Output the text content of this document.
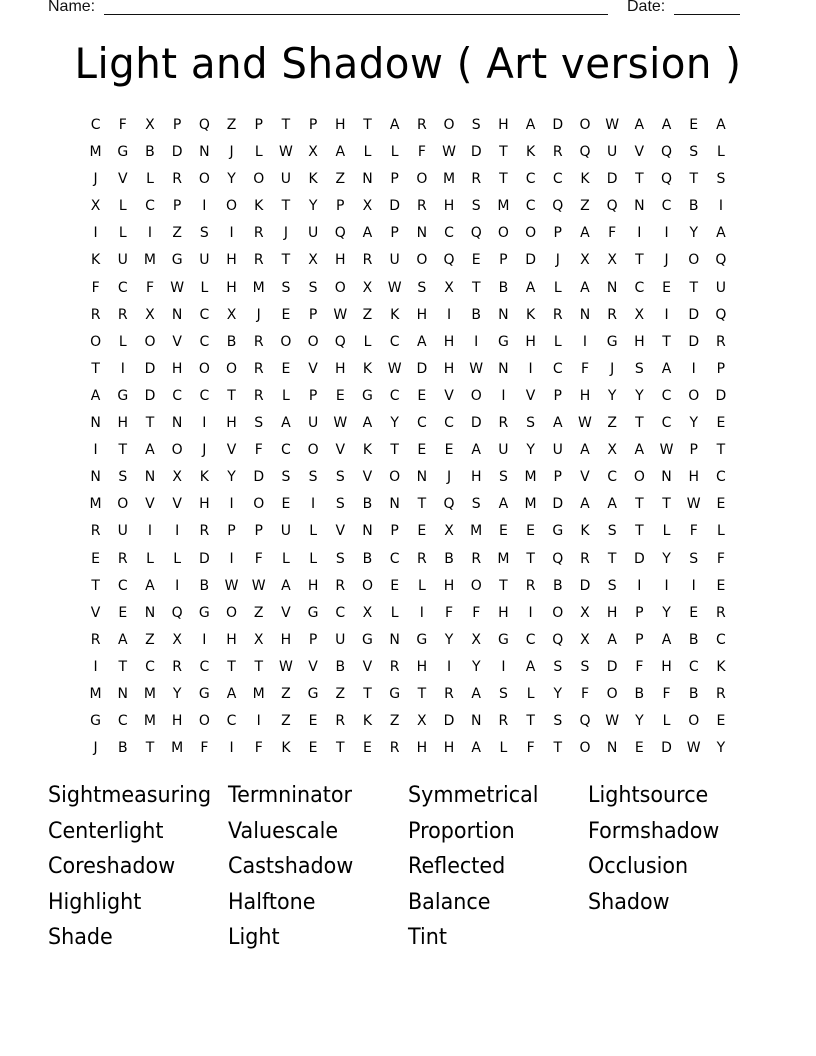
Name:	Date:
Light and Shadow ( Art version )
C	F	X	P	Q	Z	P	T	P	H	T	A	R	O	S	H	A	D	O	W	A	A	E	A
M	G	B	D	N	J	L	W	X	A	L	L	F	W	D	T	K	R	Q	U	V	Q	S	L
J	V	L	R	O	Y	O	U	K	Z	N	P	O	M	R	T	C	C	K	D	T	Q	T	S
X	L	C	P	I	O	K	T	Y	P	X	D	R	H	S	M	C	Q	Z	Q	N	C	B	I
I	L	I	Z	S	I	R	J	U	Q	A	P	N	C	Q	O	O	P	A	F	I	I	Y	A
K	U	M	G	U	H	R	T	X	H	R	U	O	Q	E	P	D	J	X	X	T	J	O	Q
F	C	F	W	L	H	M	S	S	O	X	W	S	X	T	B	A	L	A	N	C	E	T	U
R	R	X	N	C	X	J	E	P	W	Z	K	H	I	B	N	K	R	N	R	X	I	D	Q
O	L	O	V	C	B	R	O	O	Q	L	C	A	H	I	G	H	L	I	G	H	T	D	R
T	I	D	H	O	O	R	E	V	H	K	W	D	H	W	N	I	C	F	J	S	A	I	P
A	G	D	C	C	T	R	L	P	E	G	C	E	V	O	I	V	P	H	Y	Y	C	O	D
N	H	T	N	I	H	S	A	U	W	A	Y	C	C	D	R	S	A	W	Z	T	C	Y	E
I	T	A	O	J	V	F	C	O	V	K	T	E	E	A	U	Y	U	A	X	A	W	P	T
N	S	N	X	K	Y	D	S	S	S	V	O	N	J	H	S	M	P	V	C	O	N	H	C
M	O	V	V	H	I	O	E	I	S	B	N	T	Q	S	A	M	D	A	A	T	T	W	E
R	U	I	I	R	P	P	U	L	V	N	P	E	X	M	E	E	G	K	S	T	L	F	L
E	R	L	L	D	I	F	L	L	S	B	C	R	B	R	M	T	Q	R	T	D	Y	S	F
T	C	A	I	B	W W	A	H	R	O	E	L	H	O	T	R	B	D	S	I	I	I	E
V	E	N	Q	G	O	Z	V	G	C	X	L	I	F	F	H	I	O	X	H	P	Y	E	R
R	A	Z	X	I	H	X	H	P	U	G	N	G	Y	X	G	C	Q	X	A	P	A	B	C
I	T	C	R	C	T	T	W	V	B	V	R	H	I	Y	I	A	S	S	D	F	H	C	K
M	N	M	Y	G	A	M	Z	G	Z	T	G	T	R	A	S	L	Y	F	O	B	F	B	R
G	C	M	H	O	C	I	Z	E	R	K	Z	X	D	N	R	T	S	Q	W	Y	L	O	E
J	B	T	M	F	I	F	K	E	T	E	R	H	H	A	L	F	T	O	N	E	D	W	Y
Sightmeasuring Termninator	Symmetrical	Lightsource
Centerlight	Valuescale	Proportion	Formshadow
Coreshadow	Castshadow	Reflected	Occlusion
Highlight	Halftone	Balance	Shadow
Shade	Light	Tint
